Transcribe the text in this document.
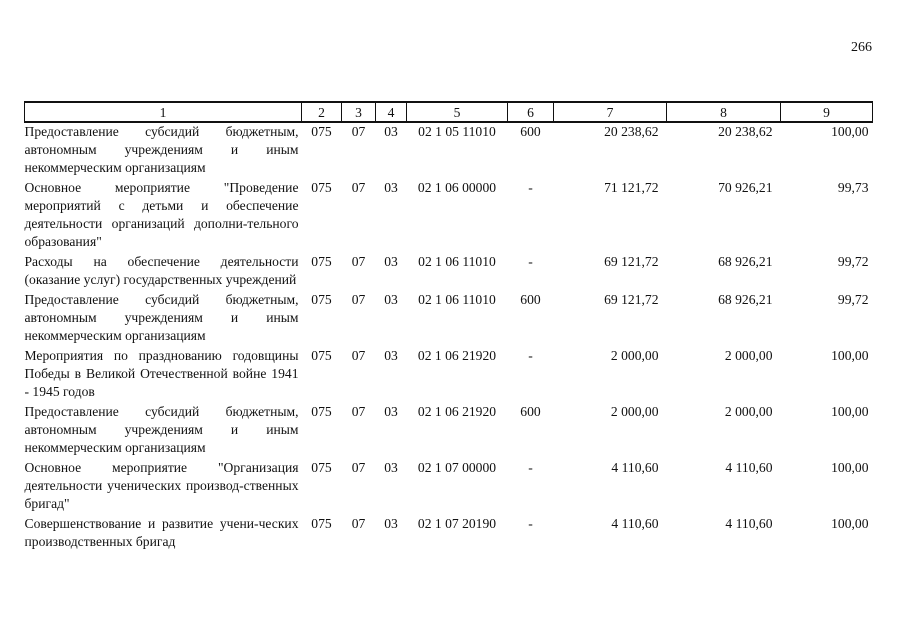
266
1	2	3	4	5	6	7	8	9
Предоставление субсидий бюджетным, автономным учреждениям и иным некоммерческим организациям	075	07	03	02 1 05 11010	600	20 238,62	20 238,62	100,00
Основное мероприятие "Проведение мероприятий с детьми и обеспечение деятельности организаций дополни-тельного образования"	075	07	03	02 1 06 00000	-	71 121,72	70 926,21	99,73
Расходы на обеспечение деятельности (оказание услуг) государственных учреждений	075	07	03	02 1 06 11010	-	69 121,72	68 926,21	99,72
Предоставление субсидий бюджетным, автономным учреждениям и иным некоммерческим организациям	075	07	03	02 1 06 11010	600	69 121,72	68 926,21	99,72
Мероприятия по празднованию годовщины Победы в Великой Отечественной войне 1941 - 1945 годов	075	07	03	02 1 06 21920	-	2 000,00	2 000,00	100,00
Предоставление субсидий бюджетным, автономным учреждениям и иным некоммерческим организациям	075	07	03	02 1 06 21920	600	2 000,00	2 000,00	100,00
Основное мероприятие "Организация деятельности ученических производ-ственных бригад"	075	07	03	02 1 07 00000	-	4 110,60	4 110,60	100,00
Совершенствование и развитие учени-ческих производственных бригад	075	07	03	02 1 07 20190	-	4 110,60	4 110,60	100,00
